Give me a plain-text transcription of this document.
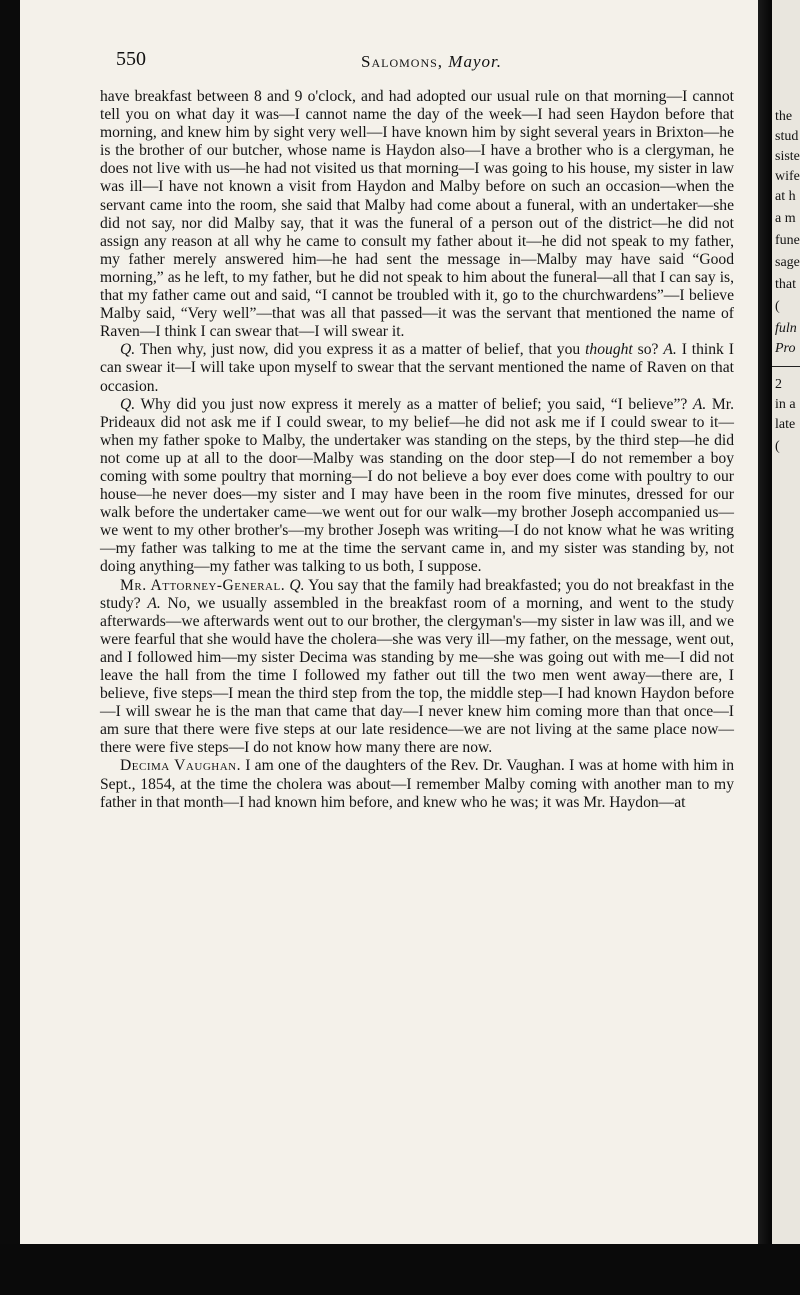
550	Salomons, Mayor.

have breakfast between 8 and 9 o'clock, and had adopted our usual rule on that morning—I cannot tell you on what day it was—I cannot name the day of the week—I had seen Haydon before that morning, and knew him by sight very well—I have known him by sight several years in Brixton—he is the brother of our butcher, whose name is Haydon also—I have a brother who is a clergyman, he does not live with us—he had not visited us that morning—I was going to his house, my sister in law was ill—I have not known a visit from Haydon and Malby before on such an occasion—when the servant came into the room, she said that Malby had come about a funeral, with an undertaker—she did not say, nor did Malby say, that it was the funeral of a person out of the district—he did not assign any reason at all why he came to consult my father about it—he did not speak to my father, my father merely answered him—he had sent the message in—Malby may have said “Good morning,” as he left, to my father, but he did not speak to him about the funeral—all that I can say is, that my father came out and said, “I cannot be troubled with it, go to the churchwardens”—I believe Malby said, “Very well”—that was all that passed—it was the servant that mentioned the name of Raven—I think I can swear that—I will swear it.

Q. Then why, just now, did you express it as a matter of belief, that you thought so? A. I think I can swear it—I will take upon myself to swear that the servant mentioned the name of Raven on that occasion.

Q. Why did you just now express it merely as a matter of belief; you said, “I believe”? A. Mr. Prideaux did not ask me if I could swear, to my belief—he did not ask me if I could swear to it—when my father spoke to Malby, the undertaker was standing on the steps, by the third step—he did not come up at all to the door—Malby was standing on the door step—I do not remember a boy coming with some poultry that morning—I do not believe a boy ever does come with poultry to our house—he never does—my sister and I may have been in the room five minutes, dressed for our walk before the undertaker came—we went out for our walk—my brother Joseph accompanied us—we went to my other brother's—my brother Joseph was writing—I do not know what he was writing—my father was talking to me at the time the servant came in, and my sister was standing by, not doing anything—my father was talking to us both, I suppose.

Mr. Attorney-General. Q. You say that the family had breakfasted; you do not breakfast in the study? A. No, we usually assembled in the breakfast room of a morning, and went to the study afterwards—we afterwards went out to our brother, the clergyman's—my sister in law was ill, and we were fearful that she would have the cholera—she was very ill—my father, on the message, went out, and I followed him—my sister Decima was standing by me—she was going out with me—I did not leave the hall from the time I followed my father out till the two men went away—there are, I believe, five steps—I mean the third step from the top, the middle step—I had known Haydon before—I will swear he is the man that came that day—I never knew him coming more than that once—I am sure that there were five steps at our late residence—we are not living at the same place now—there were five steps—I do not know how many there are now.

Decima Vaughan. I am one of the daughters of the Rev. Dr. Vaughan. I was at home with him in Sept., 1854, at the time the cholera was about—I remember Malby coming with another man to my father in that month—I had known him before, and knew who he was; it was Mr. Haydon—at

the
stud
siste
wife
at h
a m
fune
sage
that
(
fuln
Pro
2
in a
late
(
